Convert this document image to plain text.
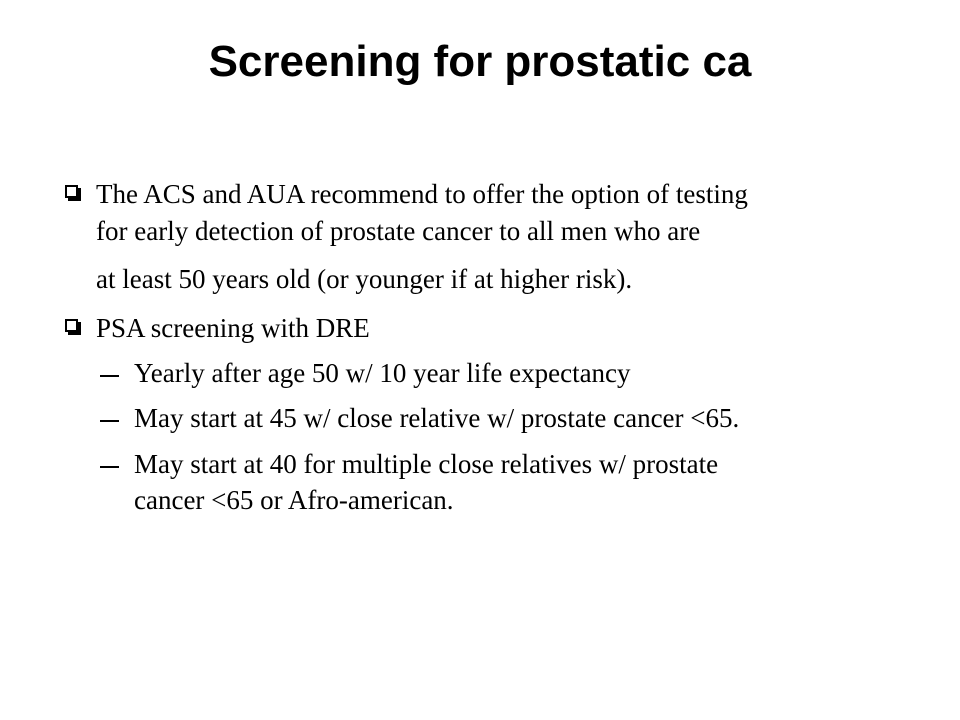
Screening for prostatic ca
The ACS and AUA recommend to offer the option of testing
for early detection of prostate cancer to all men who are
at least 50 years old (or younger if at higher risk).
PSA screening with DRE
Yearly after age 50 w/ 10 year life expectancy
May start at 45 w/ close relative w/ prostate cancer <65.
May start at 40 for multiple close relatives w/ prostate
cancer <65 or Afro-american.
